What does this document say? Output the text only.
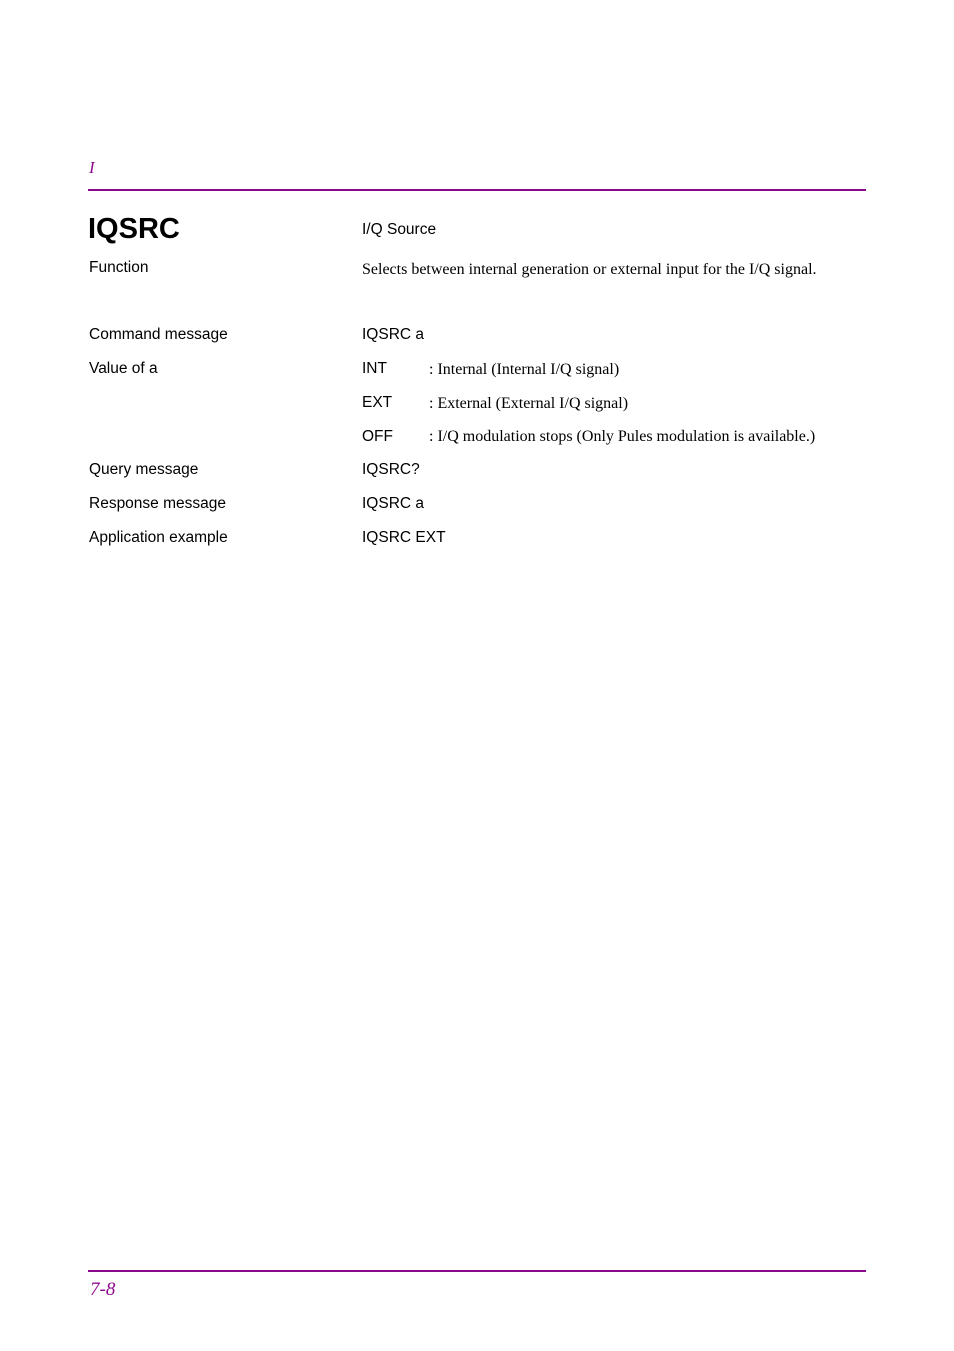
I
IQSRC	I/Q Source
Function	Selects between internal generation or external input for the I/Q signal.
Command message	IQSRC a
Value of a	INT	: Internal (Internal I/Q signal)
EXT : External (External I/Q signal)
OFF : I/Q modulation stops (Only Pules modulation is available.)
Query message	IQSRC?
Response message	IQSRC a
Application example	IQSRC EXT
7-8
